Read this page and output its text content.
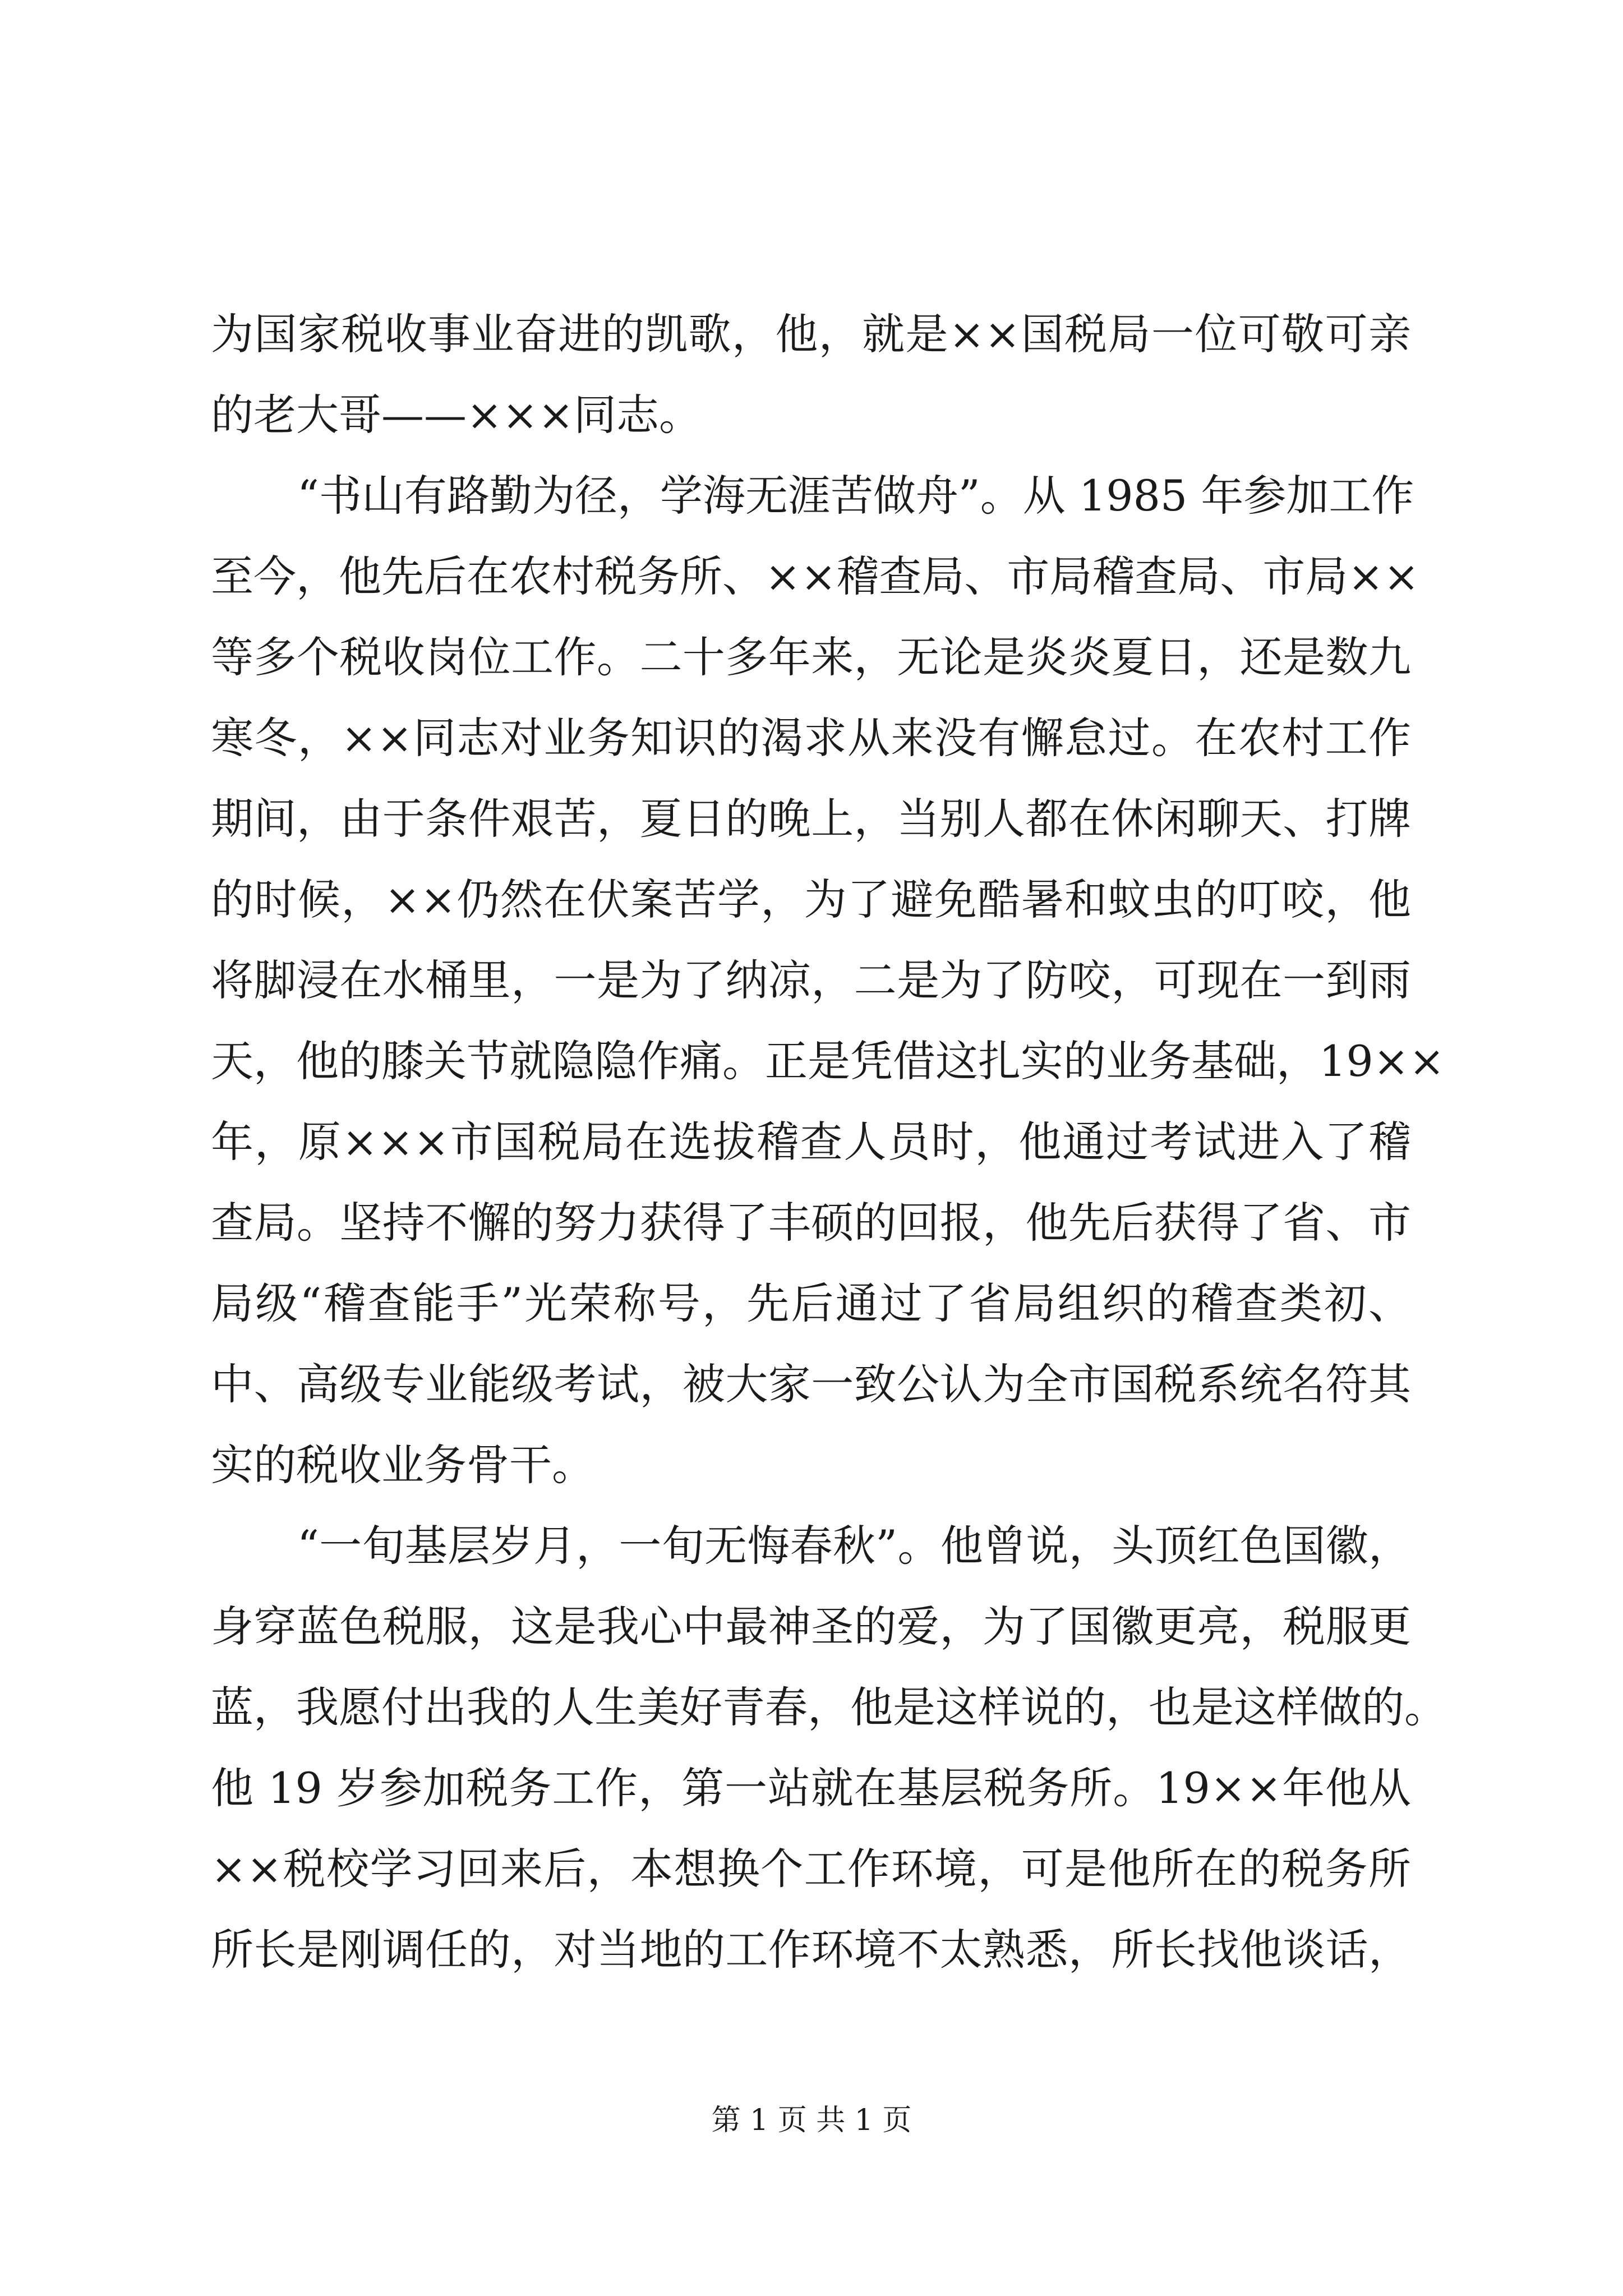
为国家税收事业奋进的凯歌，他，就是××国税局一位可敬可亲
的老大哥——×××同志。
“书山有路勤为径，学海无涯苦做舟”。从 1985 年参加工作
至今，他先后在农村税务所、××稽查局、市局稽查局、市局××
等多个税收岗位工作。二十多年来，无论是炎炎夏日，还是数九
寒冬，××同志对业务知识的渴求从来没有懈怠过。在农村工作
期间，由于条件艰苦，夏日的晚上，当别人都在休闲聊天、打牌
的时候，××仍然在伏案苦学，为了避免酷暑和蚊虫的叮咬，他
将脚浸在水桶里，一是为了纳凉，二是为了防咬，可现在一到雨
天，他的膝关节就隐隐作痛。正是凭借这扎实的业务基础，19××
年，原×××市国税局在选拔稽查人员时，他通过考试进入了稽
查局。坚持不懈的努力获得了丰硕的回报，他先后获得了省、市
局级“稽查能手”光荣称号，先后通过了省局组织的稽查类初、
中、高级专业能级考试，被大家一致公认为全市国税系统名符其
实的税收业务骨干。
“一旬基层岁月，一旬无悔春秋”。他曾说，头顶红色国徽，
身穿蓝色税服，这是我心中最神圣的爱，为了国徽更亮，税服更
蓝，我愿付出我的人生美好青春，他是这样说的，也是这样做的。
他 19 岁参加税务工作，第一站就在基层税务所。19××年他从
××税校学习回来后，本想换个工作环境，可是他所在的税务所
所长是刚调任的，对当地的工作环境不太熟悉，所长找他谈话，
第 1 页 共 1 页
